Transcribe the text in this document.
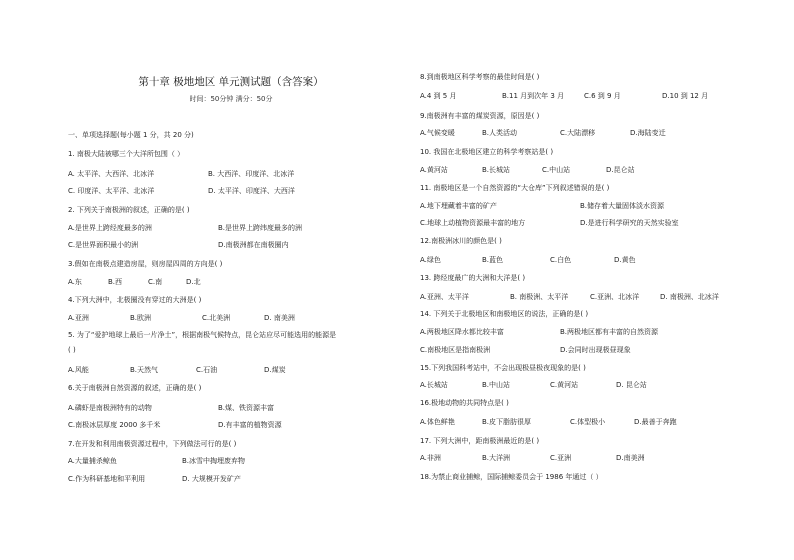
第十章 极地地区 单元测试题（含答案）
时间：50分钟 满分：50分
一、单项选择题(每小题 1 分，共 20 分)
1. 南极大陆被哪三个大洋所包围（ ）
A. 太平洋、大西洋、北冰洋	B. 大西洋、印度洋、北冰洋
C. 印度洋、太平洋、北冰洋	D. 太平洋、印度洋、大西洋
2. 下列关于南极洲的叙述，正确的是( )
A.是世界上跨经度最多的洲	B.是世界上跨纬度最多的洲
C.是世界面积最小的洲	D.南极洲都在南极圈内
3.假如在南极点建造房屋，则房屋四周的方向是( )
A.东	B.西	C.南	D.北
4.下列大洲中，北极圈没有穿过的大洲是( )
A.亚洲	B.欧洲	C.北美洲	D. 南美洲
5. 为了“爱护地球上最后一片净土”，根据南极气候特点，昆仑站应尽可能选用的能源是
( )
A.风能	B.天然气	C.石油	D.煤炭
6.关于南极洲自然资源的叙述，正确的是( )
A.磷虾是南极洲特有的动物	B.煤、铁资源丰富
C.南极冰层厚度 2000 多千米	D.有丰富的植物资源
7.在开发和利用南极资源过程中，下列做法可行的是( )
A.大量捕杀鲸鱼	B.冰雪中掏埋废弃物
C.作为科研基地和平利用	D. 大规模开发矿产
8.到南极地区科学考察的最佳时间是( )
A.4 到 5 月	B.11 月到次年 3 月	C.6 到 9 月	D.10 到 12 月
9.南极洲有丰富的煤炭资源，原因是( )
A.气候变暖	B.人类活动	C.大陆漂移	D.海陆变迁
10. 我国在北极地区建立的科学考察站是( )
A.黄河站	B.长城站	C.中山站	D.昆仑站
11. 南极地区是一个自然资源的“大仓库”下列叙述错误的是( )
A.地下埋藏着丰富的矿产	B.储存着大量固体淡水资源
C.地球上动植物资源最丰富的地方	D.是进行科学研究的天然实验室
12.南极洲冰川的颜色是( )
A.绿色	B.蓝色	C.白色	D.黄色
13. 跨经度最广的大洲和大洋是( )
A.亚洲、太平洋	B. 南极洲、太平洋	C.亚洲、北冰洋	D. 南极洲、北冰洋
14. 下列关于北极地区和南极地区的说法，正确的是( )
A.两极地区降水都比较丰富	B.两极地区都有丰富的自然资源
C.南极地区是指南极洲	D.会同时出现极昼现象
15.下列我国科考站中，不会出现极昼极夜现象的是( )
A.长城站	B.中山站	C.黄河站	D. 昆仑站
16.极地动物的共同特点是( )
A.体色鲜艳	B.皮下脂肪很厚	C.体型极小	D.最善于奔跑
17. 下列大洲中，距南极洲最近的是( )
A.非洲	B.大洋洲	C.亚洲	D.南美洲
18.为禁止商业捕鲸，国际捕鲸委员会于 1986 年通过（ ）
